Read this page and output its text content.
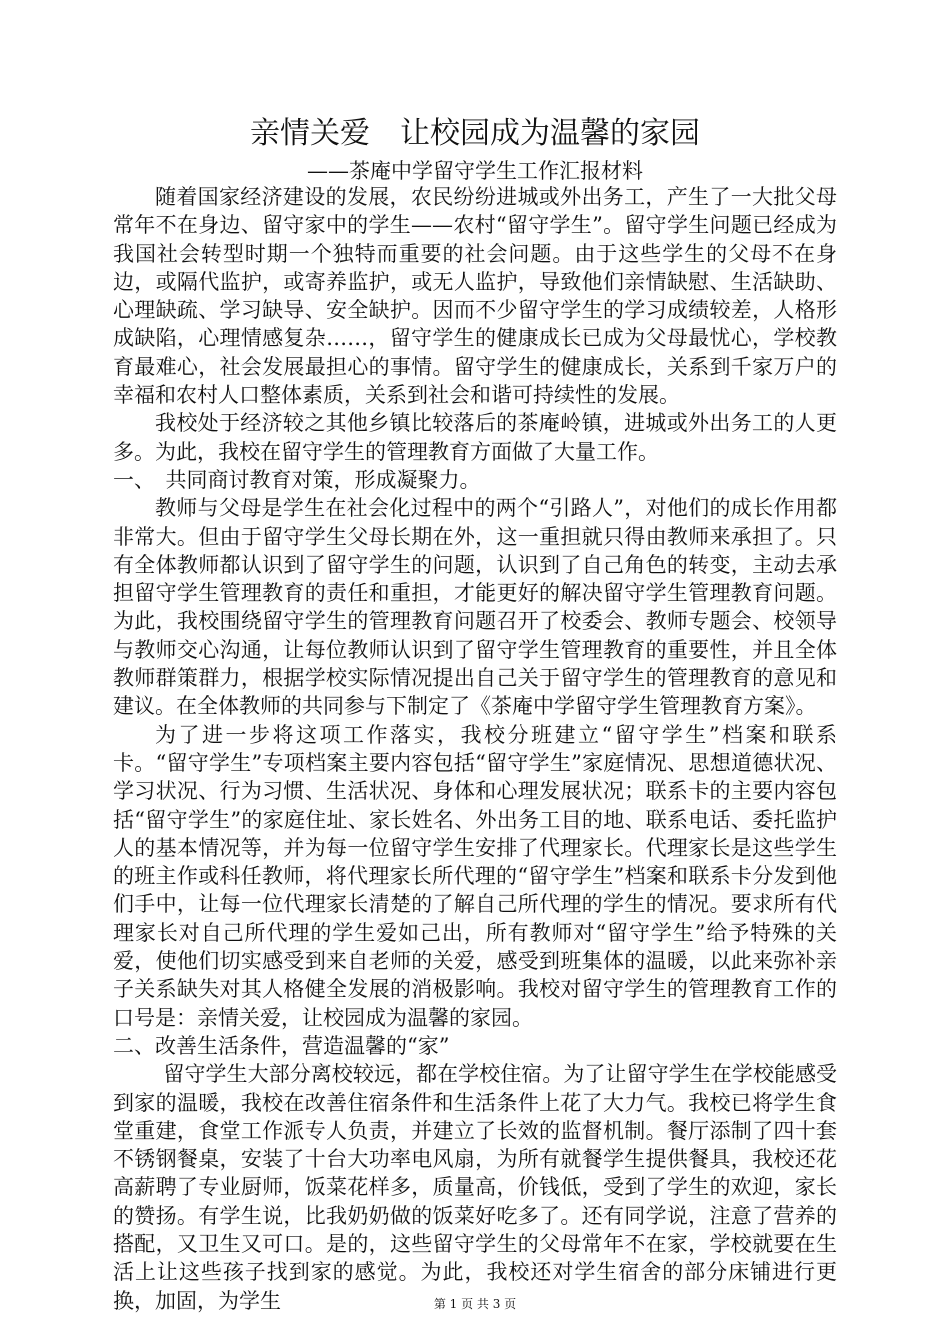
亲情关爱　让校园成为温馨的家园
——茶庵中学留守学生工作汇报材料

随着国家经济建设的发展，农民纷纷进城或外出务工，产生了一大批父母常年不在身边、留守家中的学生——农村“留守学生”。留守学生问题已经成为我国社会转型时期一个独特而重要的社会问题。由于这些学生的父母不在身边，或隔代监护，或寄养监护，或无人监护，导致他们亲情缺慰、生活缺助、心理缺疏、学习缺导、安全缺护。因而不少留守学生的学习成绩较差，人格形成缺陷，心理情感复杂……，留守学生的健康成长已成为父母最忧心，学校教育最难心，社会发展最担心的事情。留守学生的健康成长，关系到千家万户的幸福和农村人口整体素质，关系到社会和谐可持续性的发展。

我校处于经济较之其他乡镇比较落后的茶庵岭镇，进城或外出务工的人更多。为此，我校在留守学生的管理教育方面做了大量工作。

一、　共同商讨教育对策，形成凝聚力。

教师与父母是学生在社会化过程中的两个“引路人”，对他们的成长作用都非常大。但由于留守学生父母长期在外，这一重担就只得由教师来承担了。只有全体教师都认识到了留守学生的问题，认识到了自己角色的转变，主动去承担留守学生管理教育的责任和重担，才能更好的解决留守学生管理教育问题。为此，我校围绕留守学生的管理教育问题召开了校委会、教师专题会、校领导与教师交心沟通，让每位教师认识到了留守学生管理教育的重要性，并且全体教师群策群力，根据学校实际情况提出自己关于留守学生的管理教育的意见和建议。在全体教师的共同参与下制定了《茶庵中学留守学生管理教育方案》。

为了进一步将这项工作落实，我校分班建立“留守学生”档案和联系卡。“留守学生”专项档案主要内容包括“留守学生”家庭情况、思想道德状况、学习状况、行为习惯、生活状况、身体和心理发展状况；联系卡的主要内容包括“留守学生”的家庭住址、家长姓名、外出务工目的地、联系电话、委托监护人的基本情况等，并为每一位留守学生安排了代理家长。代理家长是这些学生的班主作或科任教师，将代理家长所代理的“留守学生”档案和联系卡分发到他们手中，让每一位代理家长清楚的了解自己所代理的学生的情况。要求所有代理家长对自己所代理的学生爱如己出，所有教师对“留守学生”给予特殊的关爱，使他们切实感受到来自老师的关爱，感受到班集体的温暖，以此来弥补亲子关系缺失对其人格健全发展的消极影响。我校对留守学生的管理教育工作的口号是：亲情关爱，让校园成为温馨的家园。

二、改善生活条件，营造温馨的“家”

留守学生大部分离校较远，都在学校住宿。为了让留守学生在学校能感受到家的温暖，我校在改善住宿条件和生活条件上花了大力气。我校已将学生食堂重建，食堂工作派专人负责，并建立了长效的监督机制。餐厅添制了四十套不锈钢餐桌，安装了十台大功率电风扇，为所有就餐学生提供餐具，我校还花高薪聘了专业厨师，饭菜花样多，质量高，价钱低，受到了学生的欢迎，家长的赞扬。有学生说，比我奶奶做的饭菜好吃多了。还有同学说，注意了营养的搭配，又卫生又可口。是的，这些留守学生的父母常年不在家，学校就要在生活上让这些孩子找到家的感觉。为此，我校还对学生宿舍的部分床铺进行更换，加固，为学生	第 1 页 共 3 页
